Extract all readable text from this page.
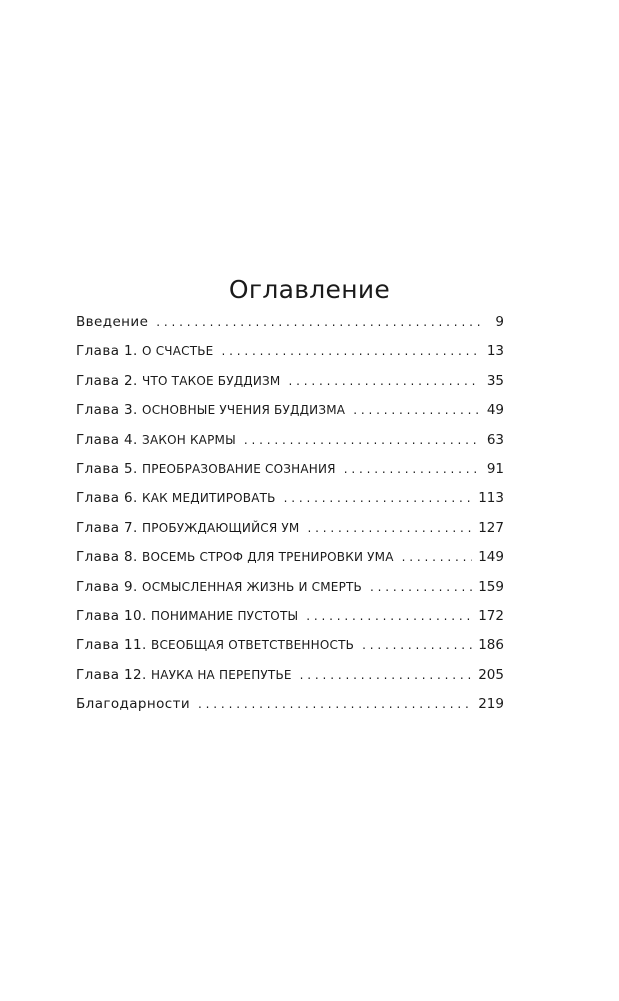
Оглавление
Введение . . .	9
Глава 1. О СЧАСТЬЕ . . .	13
Глава 2. ЧТО ТАКОЕ БУДДИЗМ . . .	35
Глава 3. ОСНОВНЫЕ УЧЕНИЯ БУДДИЗМА . . .	49
Глава 4. ЗАКОН КАРМЫ . . .	63
Глава 5. ПРЕОБРАЗОВАНИЕ СОЗНАНИЯ . . .	91
Глава 6. КАК МЕДИТИРОВАТЬ . . .	113
Глава 7. ПРОБУЖДАЮЩИЙСЯ УМ . . .	127
Глава 8. ВОСЕМЬ СТРОФ ДЛЯ ТРЕНИРОВКИ УМА . . .	149
Глава 9. ОСМЫСЛЕННАЯ ЖИЗНЬ И СМЕРТЬ . . .	159
Глава 10. ПОНИМАНИЕ ПУСТОТЫ . . .	172
Глава 11. ВСЕОБЩАЯ ОТВЕТСТВЕННОСТЬ . . .	186
Глава 12. НАУКА НА ПЕРЕПУТЬЕ . . .	205
Благодарности . . .	219
